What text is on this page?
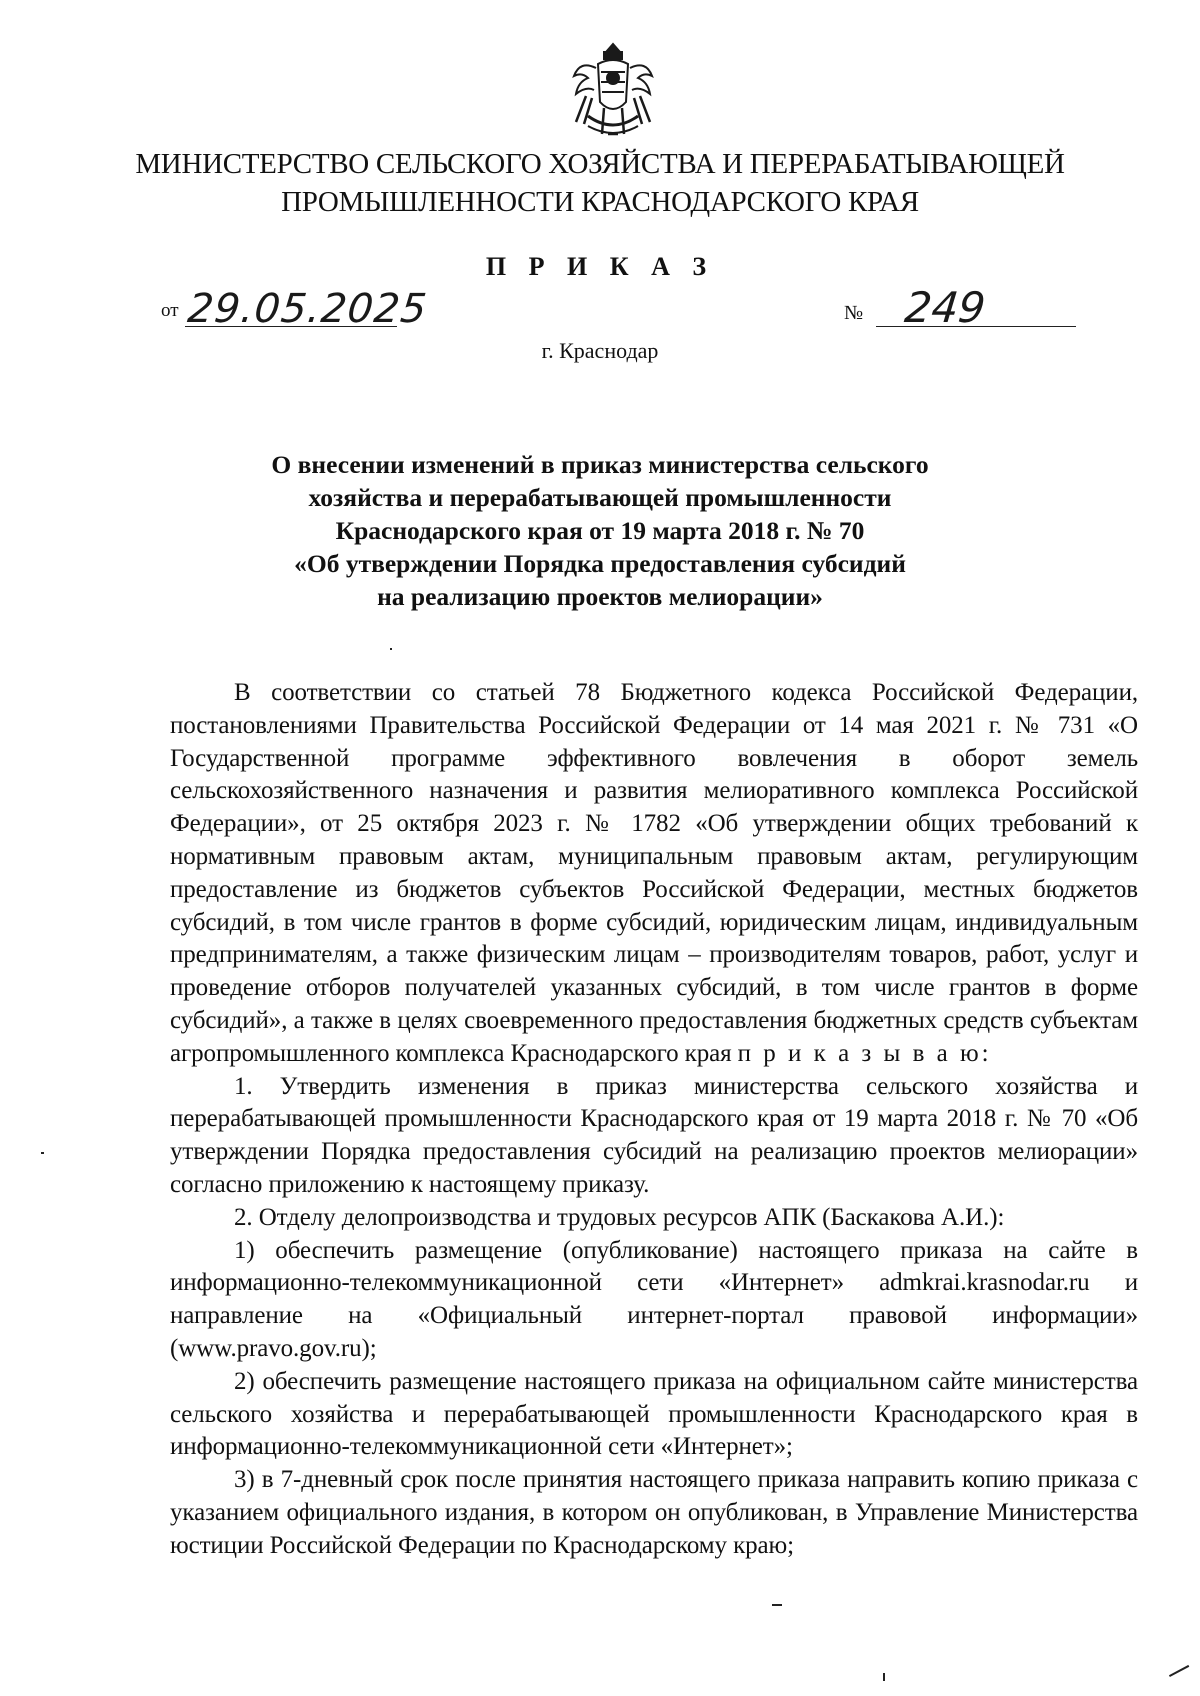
МИНИСТЕРСТВО СЕЛЬСКОГО ХОЗЯЙСТВА И ПЕРЕРАБАТЫВАЮЩЕЙ
ПРОМЫШЛЕННОСТИ КРАСНОДАРСКОГО КРАЯ
П Р И К А З
от 29.05.2025	№ 249
г. Краснодар
О внесении изменений в приказ министерства сельского
хозяйства и перерабатывающей промышленности
Краснодарского края от 19 марта 2018 г. № 70
«Об утверждении Порядка предоставления субсидий
на реализацию проектов мелиорации»

В соответствии со статьей 78 Бюджетного кодекса Российской Федерации, постановлениями Правительства Российской Федерации от 14 мая 2021 г. № 731 «О Государственной программе эффективного вовлечения в оборот земель сельскохозяйственного назначения и развития мелиоративного комплекса Российской Федерации», от 25 октября 2023 г. № 1782 «Об утверждении общих требований к нормативным правовым актам, муниципальным правовым актам, регулирующим предоставление из бюджетов субъектов Российской Федерации, местных бюджетов субсидий, в том числе грантов в форме субсидий, юридическим лицам, индивидуальным предпринимателям, а также физическим лицам – производителям товаров, работ, услуг и проведение отборов получателей указанных субсидий, в том числе грантов в форме субсидий», а также в целях своевременного предоставления бюджетных средств субъектам агропромышленного комплекса Краснодарского края п р и к а з ы в а ю:

1. Утвердить изменения в приказ министерства сельского хозяйства и перерабатывающей промышленности Краснодарского края от 19 марта 2018 г. № 70 «Об утверждении Порядка предоставления субсидий на реализацию проектов мелиорации» согласно приложению к настоящему приказу.

2. Отделу делопроизводства и трудовых ресурсов АПК (Баскакова А.И.):

1) обеспечить размещение (опубликование) настоящего приказа на сайте в информационно-телекоммуникационной сети «Интернет» admkrai.krasnodar.ru и направление на «Официальный интернет-портал правовой информации» (www.pravo.gov.ru);

2) обеспечить размещение настоящего приказа на официальном сайте министерства сельского хозяйства и перерабатывающей промышленности Краснодарского края в информационно-телекоммуникационной сети «Интернет»;

3) в 7-дневный срок после принятия настоящего приказа направить копию приказа с указанием официального издания, в котором он опубликован, в Управление Министерства юстиции Российской Федерации по Краснодарскому краю;
